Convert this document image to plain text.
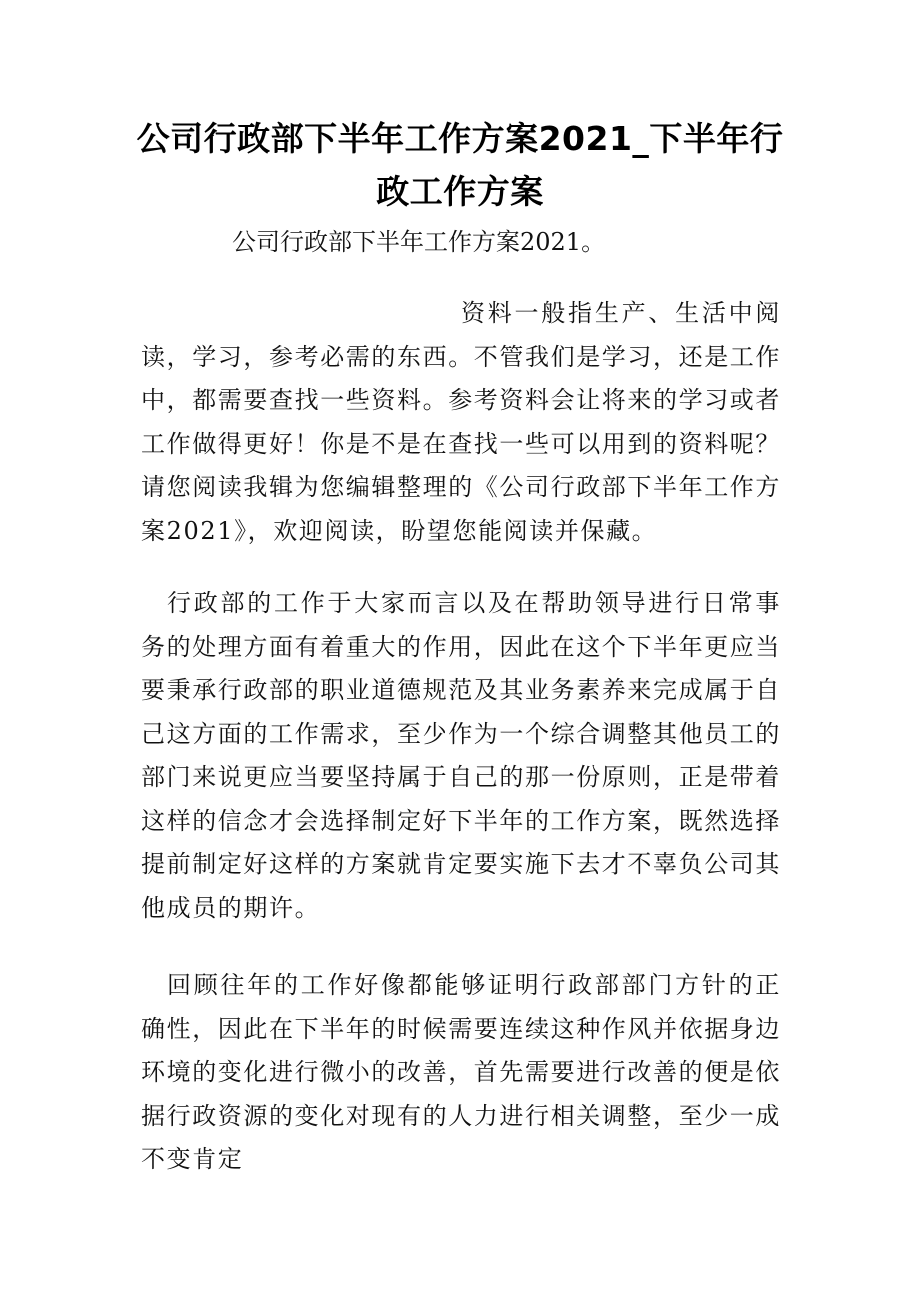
公司行政部下半年工作方案2021_下半年行政工作方案

公司行政部下半年工作方案2021。

资料一般指生产、生活中阅读，学习，参考必需的东西。不管我们是学习，还是工作中，都需要查找一些资料。参考资料会让将来的学习或者工作做得更好！你是不是在查找一些可以用到的资料呢？请您阅读我辑为您编辑整理的《公司行政部下半年工作方案2021》，欢迎阅读，盼望您能阅读并保藏。

行政部的工作于大家而言以及在帮助领导进行日常事务的处理方面有着重大的作用，因此在这个下半年更应当要秉承行政部的职业道德规范及其业务素养来完成属于自己这方面的工作需求，至少作为一个综合调整其他员工的部门来说更应当要坚持属于自己的那一份原则，正是带着这样的信念才会选择制定好下半年的工作方案，既然选择提前制定好这样的方案就肯定要实施下去才不辜负公司其他成员的期许。

回顾往年的工作好像都能够证明行政部部门方针的正确性，因此在下半年的时候需要连续这种作风并依据身边环境的变化进行微小的改善，首先需要进行改善的便是依据行政资源的变化对现有的人力进行相关调整，至少一成不变肯定
